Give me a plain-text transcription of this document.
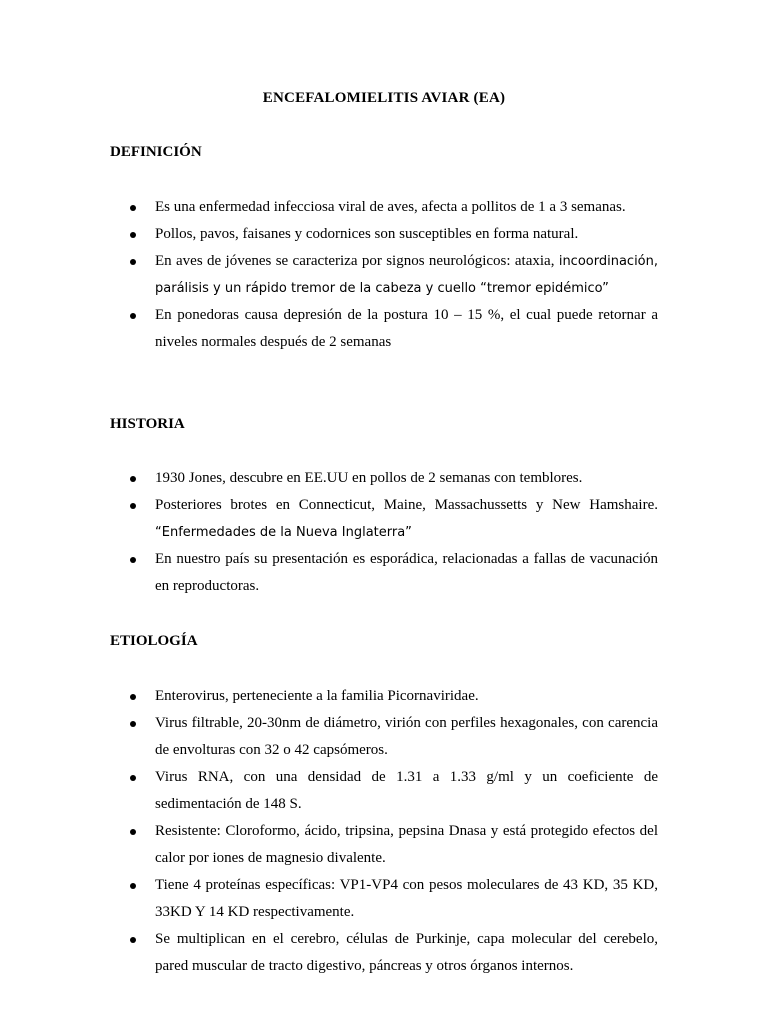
ENCEFALOMIELITIS AVIAR (EA)
DEFINICIÓN
Es una enfermedad infecciosa viral de aves, afecta a pollitos de 1 a 3 semanas.
Pollos, pavos, faisanes y codornices son susceptibles en forma natural.
En aves de jóvenes se caracteriza por signos neurológicos: ataxia, incoordinación, parálisis y un rápido tremor de la cabeza y cuello “tremor epidémico”
En ponedoras causa depresión de la postura 10 – 15 %, el cual puede retornar a niveles normales después de 2 semanas
HISTORIA
1930 Jones, descubre en EE.UU en pollos de 2 semanas con temblores.
Posteriores brotes en Connecticut, Maine, Massachussetts y New Hamshaire. “Enfermedades de la Nueva Inglaterra”
En nuestro país su presentación es esporádica, relacionadas a fallas de vacunación en reproductoras.
ETIOLOGÍA
Enterovirus, perteneciente a la familia Picornaviridae.
Virus filtrable, 20-30nm de diámetro, virión con perfiles hexagonales, con carencia de envolturas con 32 o 42 capsómeros.
Virus RNA, con una densidad de 1.31 a 1.33 g/ml y un coeficiente de sedimentación de 148 S.
Resistente: Cloroformo, ácido, tripsina, pepsina Dnasa y está protegido efectos del calor por iones de magnesio divalente.
Tiene 4 proteínas específicas: VP1-VP4 con pesos moleculares de 43 KD, 35 KD, 33KD Y 14 KD respectivamente.
Se multiplican en el cerebro, células de Purkinje, capa molecular del cerebelo, pared muscular de tracto digestivo, páncreas y otros órganos internos.
